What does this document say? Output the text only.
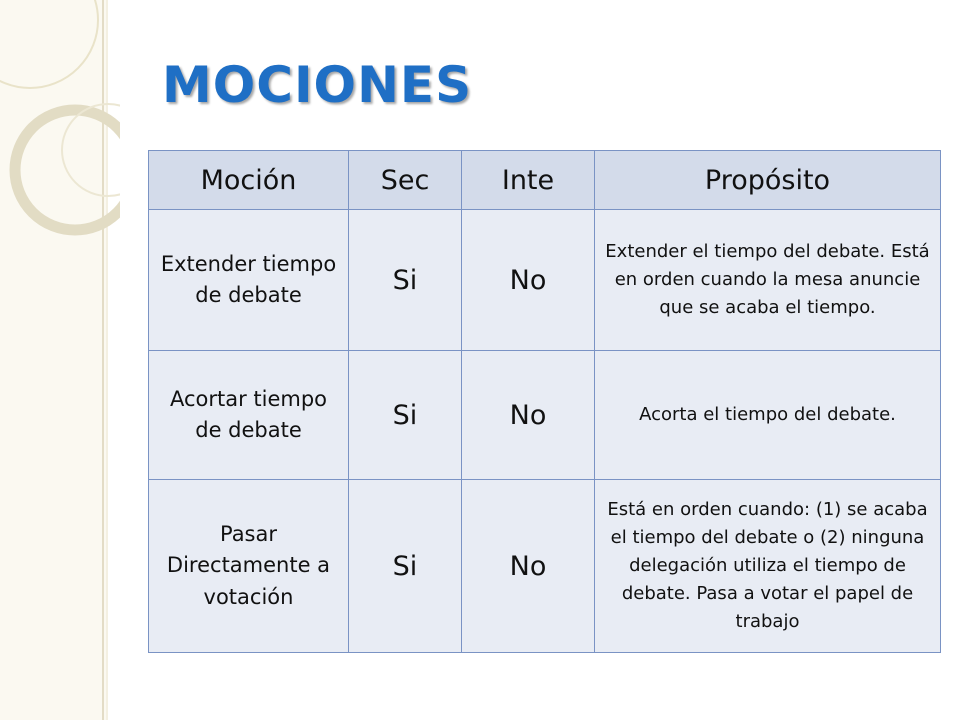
MOCIONES
Moción	Sec	Inte	Propósito
Extender tiempo de debate	Si	No	Extender el tiempo del debate. Está en orden cuando la mesa anuncie que se acaba el tiempo.
Acortar tiempo de debate	Si	No	Acorta el tiempo del debate.
Pasar Directamente a votación	Si	No	Está en orden cuando: (1) se acaba el tiempo del debate o (2) ninguna delegación utiliza el tiempo de debate. Pasa a votar el papel de trabajo
